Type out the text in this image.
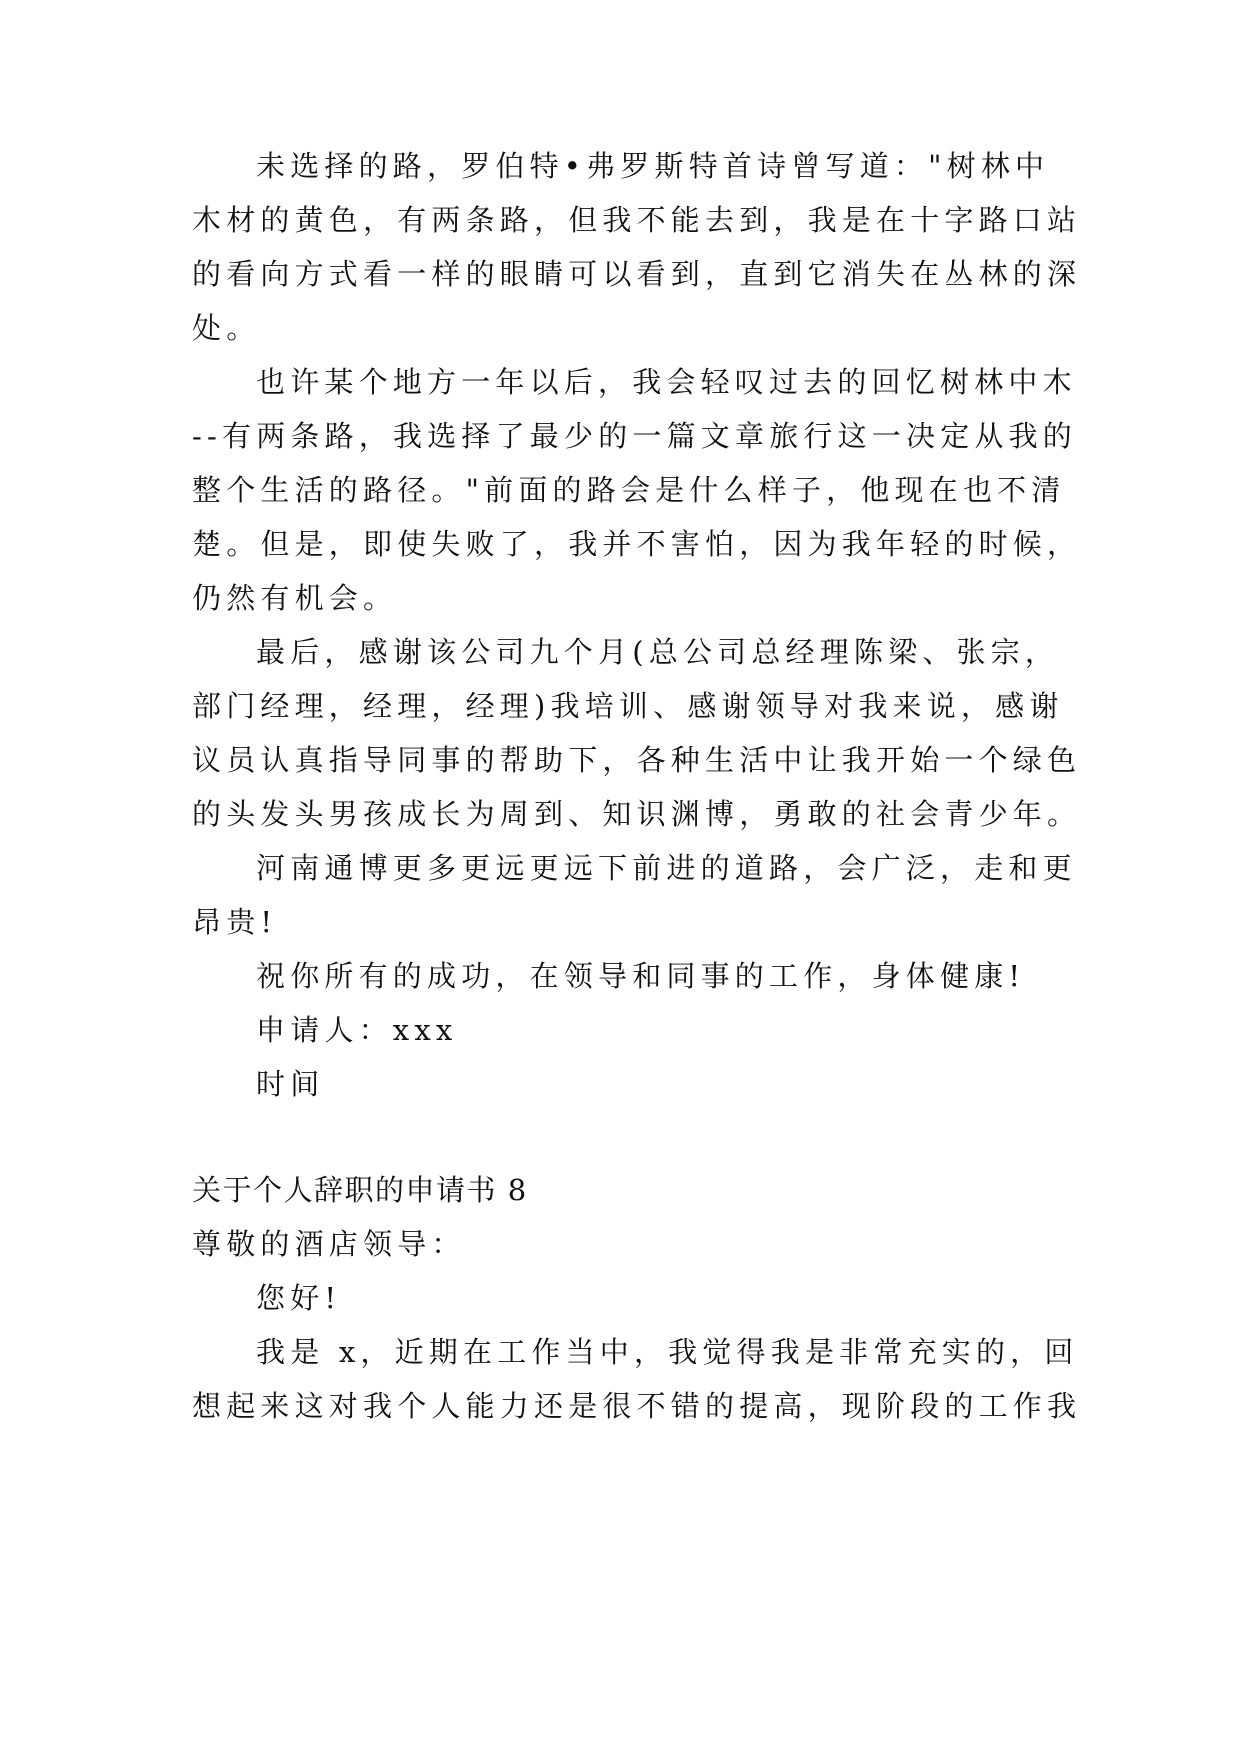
未选择的路，罗伯特•弗罗斯特首诗曾写道："树林中

木材的黄色，有两条路，但我不能去到，我是在十字路口站

的看向方式看一样的眼睛可以看到，直到它消失在丛林的深

处。

也许某个地方一年以后，我会轻叹过去的回忆树林中木

--有两条路，我选择了最少的一篇文章旅行这一决定从我的

整个生活的路径。"前面的路会是什么样子，他现在也不清

楚。但是，即使失败了，我并不害怕，因为我年轻的时候，

仍然有机会。

最后，感谢该公司九个月(总公司总经理陈梁、张宗，

部门经理，经理，经理)我培训、感谢领导对我来说，感谢

议员认真指导同事的帮助下，各种生活中让我开始一个绿色

的头发头男孩成长为周到、知识渊博，勇敢的社会青少年。

河南通博更多更远更远下前进的道路，会广泛，走和更

昂贵!

祝你所有的成功，在领导和同事的工作，身体健康!

申请人：xxx

时间

关于个人辞职的申请书 8

尊敬的酒店领导：

您好!

我是 x，近期在工作当中，我觉得我是非常充实的，回

想起来这对我个人能力还是很不错的提高，现阶段的工作我
